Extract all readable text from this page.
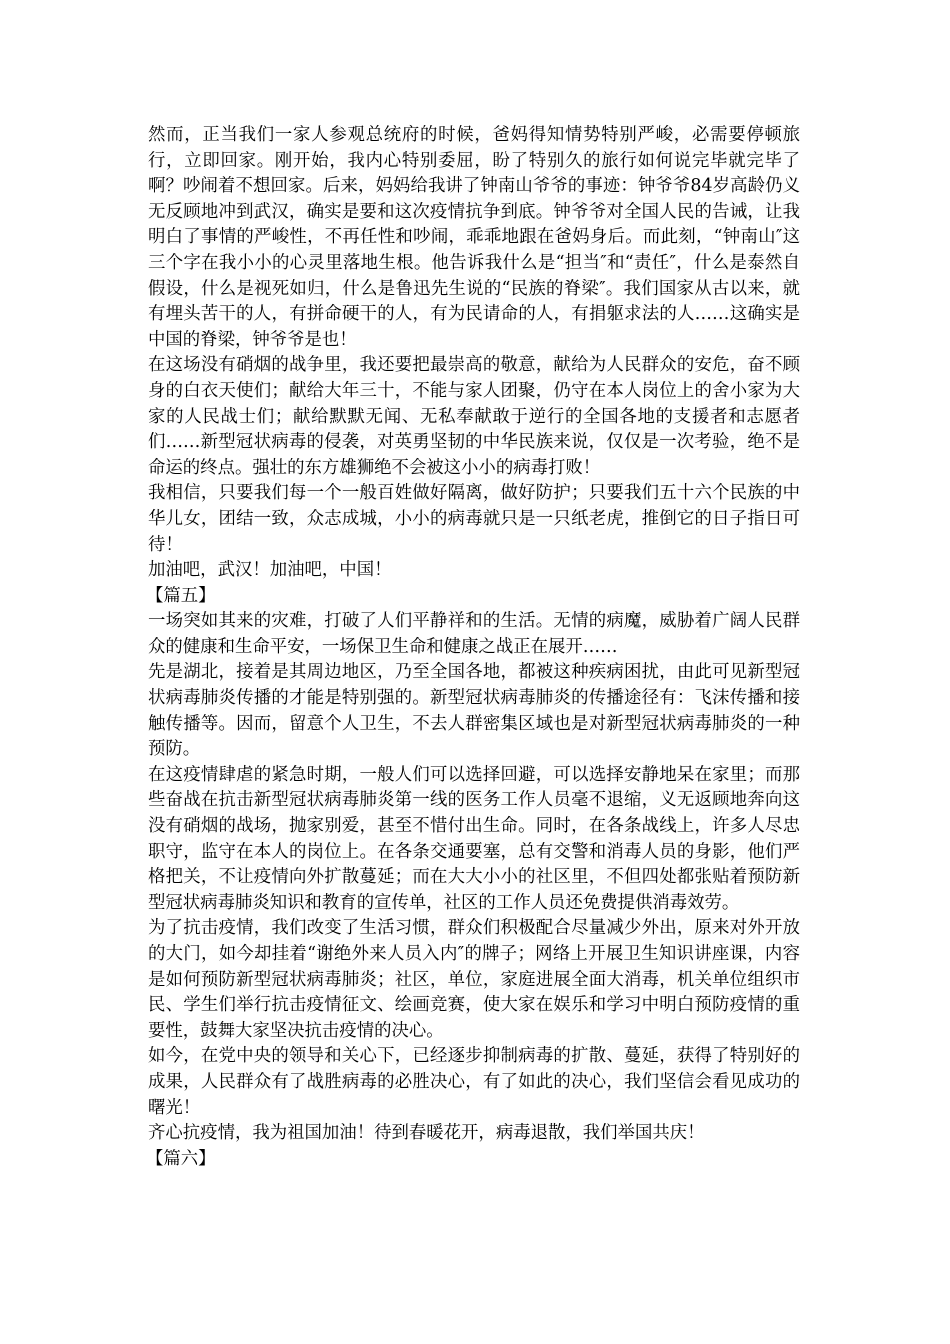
然而，正当我们一家人参观总统府的时候，爸妈得知情势特别严峻，必需要停顿旅行，立即回家。刚开始，我内心特别委屈，盼了特别久的旅行如何说完毕就完毕了啊？吵闹着不想回家。后来，妈妈给我讲了钟南山爷爷的事迹：钟爷爷84岁高龄仍义无反顾地冲到武汉，确实是要和这次疫情抗争到底。钟爷爷对全国人民的告诫，让我明白了事情的严峻性，不再任性和吵闹，乖乖地跟在爸妈身后。而此刻，“钟南山″这三个字在我小小的心灵里落地生根。他告诉我什么是“担当″和“责任″，什么是泰然自假设，什么是视死如归，什么是鲁迅先生说的“民族的脊梁″。我们国家从古以来，就有埋头苦干的人，有拼命硬干的人，有为民请命的人，有捐躯求法的人……这确实是中国的脊梁，钟爷爷是也！

在这场没有硝烟的战争里，我还要把最崇高的敬意，献给为人民群众的安危，奋不顾身的白衣天使们；献给大年三十，不能与家人团聚，仍守在本人岗位上的舍小家为大家的人民战士们；献给默默无闻、无私奉献敢于逆行的全国各地的支援者和志愿者们……新型冠状病毒的侵袭，对英勇坚韧的中华民族来说，仅仅是一次考验，绝不是命运的终点。强壮的东方雄狮绝不会被这小小的病毒打败！

我相信，只要我们每一个一般百姓做好隔离，做好防护；只要我们五十六个民族的中华儿女，团结一致，众志成城，小小的病毒就只是一只纸老虎，推倒它的日子指日可待！

加油吧，武汉！加油吧，中国！

【篇五】

一场突如其来的灾难，打破了人们平静祥和的生活。无情的病魔，威胁着广阔人民群众的健康和生命平安，一场保卫生命和健康之战正在展开……

先是湖北，接着是其周边地区，乃至全国各地，都被这种疾病困扰，由此可见新型冠状病毒肺炎传播的才能是特别强的。新型冠状病毒肺炎的传播途径有：飞沫传播和接触传播等。因而，留意个人卫生，不去人群密集区域也是对新型冠状病毒肺炎的一种预防。

在这疫情肆虐的紧急时期，一般人们可以选择回避，可以选择安静地呆在家里；而那些奋战在抗击新型冠状病毒肺炎第一线的医务工作人员毫不退缩，义无返顾地奔向这没有硝烟的战场，抛家别爱，甚至不惜付出生命。同时，在各条战线上，许多人尽忠职守，监守在本人的岗位上。在各条交通要塞，总有交警和消毒人员的身影，他们严格把关，不让疫情向外扩散蔓延；而在大大小小的社区里，不但四处都张贴着预防新型冠状病毒肺炎知识和教育的宣传单，社区的工作人员还免费提供消毒效劳。

为了抗击疫情，我们改变了生活习惯，群众们积极配合尽量减少外出，原来对外开放的大门，如今却挂着“谢绝外来人员入内″的牌子；网络上开展卫生知识讲座课，内容是如何预防新型冠状病毒肺炎；社区，单位，家庭进展全面大消毒，机关单位组织市民、学生们举行抗击疫情征文、绘画竞赛，使大家在娱乐和学习中明白预防疫情的重要性，鼓舞大家坚决抗击疫情的决心。

如今，在党中央的领导和关心下，已经逐步抑制病毒的扩散、蔓延，获得了特别好的成果，人民群众有了战胜病毒的必胜决心，有了如此的决心，我们坚信会看见成功的曙光！

齐心抗疫情，我为祖国加油！待到春暖花开，病毒退散，我们举国共庆！

【篇六】
